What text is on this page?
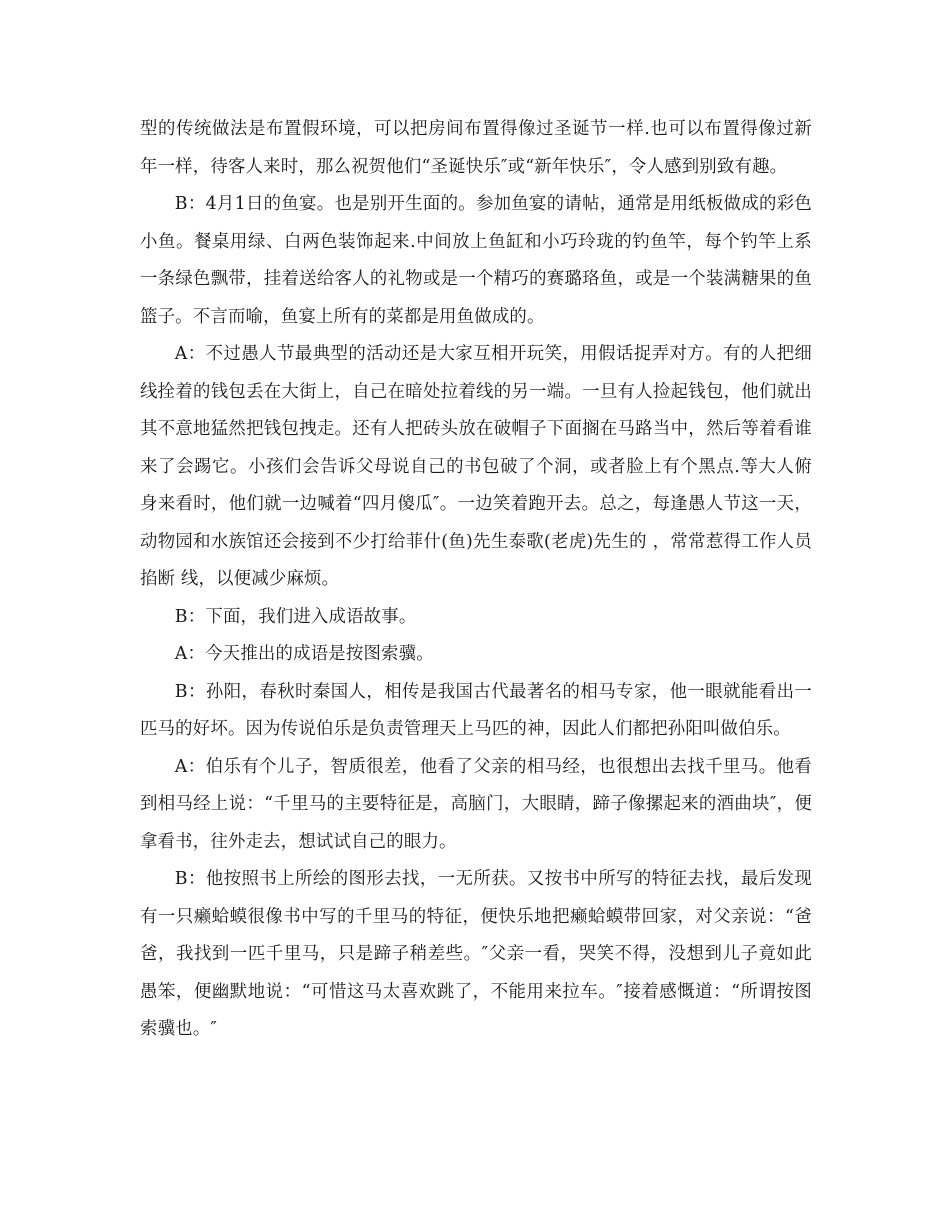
型的传统做法是布置假环境，可以把房间布置得像过圣诞节一样.也可以布置得像过新年一样，待客人来时，那么祝贺他们“圣诞快乐″或“新年快乐″，令人感到别致有趣。

B：4月1日的鱼宴。也是别开生面的。参加鱼宴的请帖，通常是用纸板做成的彩色小鱼。餐桌用绿、白两色装饰起来.中间放上鱼缸和小巧玲珑的钓鱼竿，每个钓竿上系一条绿色飘带，挂着送给客人的礼物或是一个精巧的赛璐珞鱼，或是一个装满糖果的鱼篮子。不言而喻，鱼宴上所有的菜都是用鱼做成的。

A：不过愚人节最典型的活动还是大家互相开玩笑，用假话捉弄对方。有的人把细线拴着的钱包丢在大街上，自己在暗处拉着线的另一端。一旦有人捡起钱包，他们就出其不意地猛然把钱包拽走。还有人把砖头放在破帽子下面搁在马路当中，然后等着看谁来了会踢它。小孩们会告诉父母说自己的书包破了个洞，或者脸上有个黑点.等大人俯身来看时，他们就一边喊着“四月傻瓜″。一边笑着跑开去。总之，每逢愚人节这一天，动物园和水族馆还会接到不少打给菲什(鱼)先生泰歌(老虎)先生的 ，常常惹得工作人员掐断 线，以便减少麻烦。

B：下面，我们进入成语故事。

A：今天推出的成语是按图索骥。

B：孙阳，春秋时秦国人，相传是我国古代最著名的相马专家，他一眼就能看出一匹马的好坏。因为传说伯乐是负责管理天上马匹的神，因此人们都把孙阳叫做伯乐。

A：伯乐有个儿子，智质很差，他看了父亲的相马经，也很想出去找千里马。他看到相马经上说：“千里马的主要特征是，高脑门，大眼睛，蹄子像摞起来的酒曲块″，便拿看书，往外走去，想试试自己的眼力。

B：他按照书上所绘的图形去找，一无所获。又按书中所写的特征去找，最后发现有一只癞蛤蟆很像书中写的千里马的特征，便快乐地把癞蛤蟆带回家，对父亲说：“爸爸，我找到一匹千里马，只是蹄子稍差些。″父亲一看，哭笑不得，没想到儿子竟如此愚笨，便幽默地说：“可惜这马太喜欢跳了，不能用来拉车。″接着感慨道：“所谓按图索骥也。″
